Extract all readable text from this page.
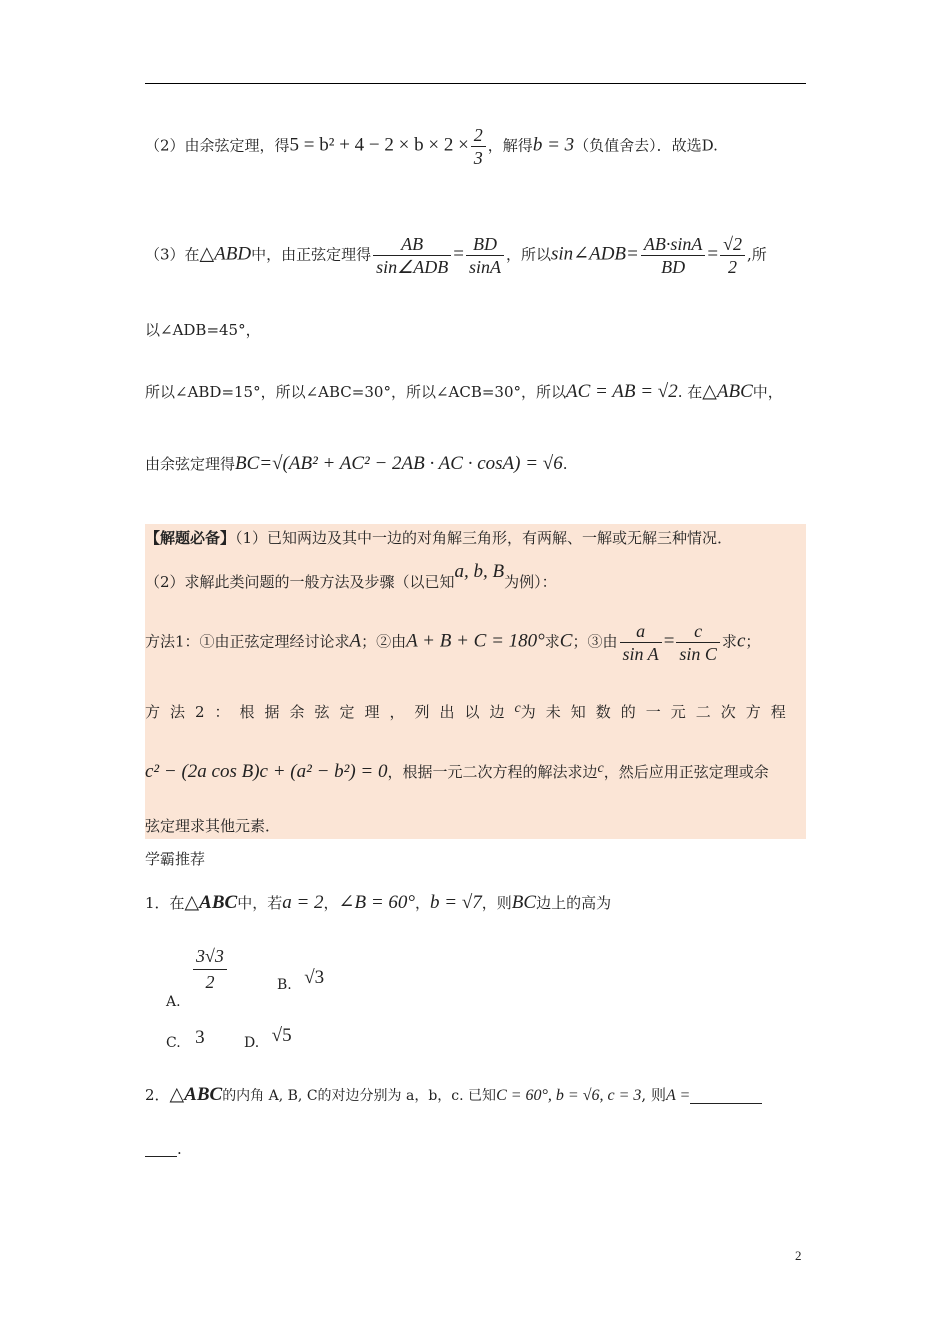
（2）由余弦定理，得$5 = b^2 + 4 - 2 \times b \times 2 \times \frac{2}{3}$ ，解得b = 3（负值舍去）．故选D.
（3）在△ABD中，由正弦定理得 $\frac{AB}{\text{sin∠ADB}} = \frac{BD}{\sin A}$ ，所以sin∠ADB= $\frac{AB\cdot\sin A}{BD} = \frac{√2}{2}$ ,所
以∠ADB=45°，
所以∠ABD=15°，所以∠ABC=30°，所以∠ACB=30°，所以AC = AB = √2. 在△ABC中，
由余弦定理得BC=√(AB² + AC² − 2AB · AC · cosA) = √6.
【解题必备】（1）已知两边及其中一边的对角解三角形，有两解、一解或无解三种情况．
（2）求解此类问题的一般方法及步骤（以已知a, b, B为例）：
方法1：①由正弦定理经讨论求A；②由A + B + C = 180°求C；③由 $\frac{a}{\text{sin A}} = \frac{c}{\text{sin C}}$ 求c；
方法2：根据余弦定理，列出以边c为未知数的一元二次方程
c² − (2a cos B)c + (a² − b²) = 0，根据一元二次方程的解法求边c，然后应用正弦定理或余
弦定理求其他元素．
学霸推荐
1．在△ABC中，若a = 2，∠B = 60°，b = √7，则BC边上的高为
A.
$\frac{3√3}{2}$	B. √3
C. 3	D. √5
2．△ABC的内角 A, B, C的对边分别为 a，b，c. 已知C = 60°, b = √6, c = 3, 则A =
.
2
